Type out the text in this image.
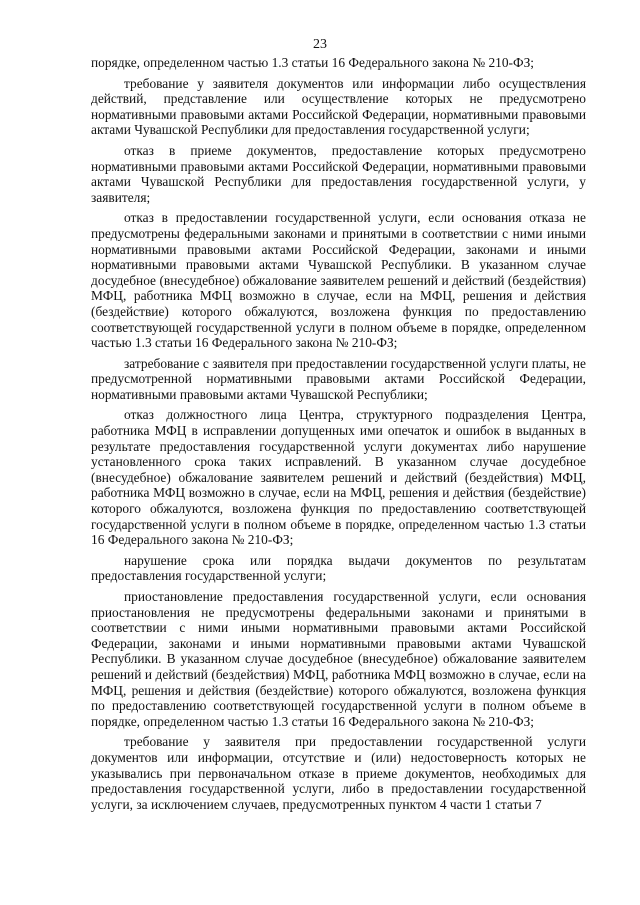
23

порядке, определенном частью 1.3 статьи 16 Федерального закона № 210-ФЗ;

требование у заявителя документов или информации либо осуществления действий, представление или осуществление которых не предусмотрено нормативными правовыми актами Российской Федерации, нормативными правовыми актами Чувашской Республики для предоставления государственной услуги;

отказ в приеме документов, предоставление которых предусмотрено нормативными правовыми актами Российской Федерации, нормативными правовыми актами Чувашской Республики для предоставления государственной услуги, у заявителя;

отказ в предоставлении государственной услуги, если основания отказа не предусмотрены федеральными законами и принятыми в соответствии с ними иными нормативными правовыми актами Российской Федерации, законами и иными нормативными правовыми актами Чувашской Республики. В указанном случае досудебное (внесудебное) обжалование заявителем решений и действий (бездействия) МФЦ, работника МФЦ возможно в случае, если на МФЦ, решения и действия (бездействие) которого обжалуются, возложена функция по предоставлению соответствующей государственной услуги в полном объеме в порядке, определенном частью 1.3 статьи 16 Федерального закона № 210-ФЗ;

затребование с заявителя при предоставлении государственной услуги платы, не предусмотренной нормативными правовыми актами Российской Федерации, нормативными правовыми актами Чувашской Республики;

отказ должностного лица Центра, структурного подразделения Центра, работника МФЦ в исправлении допущенных ими опечаток и ошибок в выданных в результате предоставления государственной услуги документах либо нарушение установленного срока таких исправлений. В указанном случае досудебное (внесудебное) обжалование заявителем решений и действий (бездействия) МФЦ, работника МФЦ возможно в случае, если на МФЦ, решения и действия (бездействие) которого обжалуются, возложена функция по предоставлению соответствующей государственной услуги в полном объеме в порядке, определенном частью 1.3 статьи 16 Федерального закона № 210-ФЗ;

нарушение срока или порядка выдачи документов по результатам предоставления государственной услуги;

приостановление предоставления государственной услуги, если основания приостановления не предусмотрены федеральными законами и принятыми в соответствии с ними иными нормативными правовыми актами Российской Федерации, законами и иными нормативными правовыми актами Чувашской Республики. В указанном случае досудебное (внесудебное) обжалование заявителем решений и действий (бездействия) МФЦ, работника МФЦ возможно в случае, если на МФЦ, решения и действия (бездействие) которого обжалуются, возложена функция по предоставлению соответствующей государственной услуги в полном объеме в порядке, определенном частью 1.3 статьи 16 Федерального закона № 210-ФЗ;

требование у заявителя при предоставлении государственной услуги документов или информации, отсутствие и (или) недостоверность которых не указывались при первоначальном отказе в приеме документов, необходимых для предоставления государственной услуги, либо в предоставлении государственной услуги, за исключением случаев, предусмотренных пунктом 4 части 1 статьи 7
